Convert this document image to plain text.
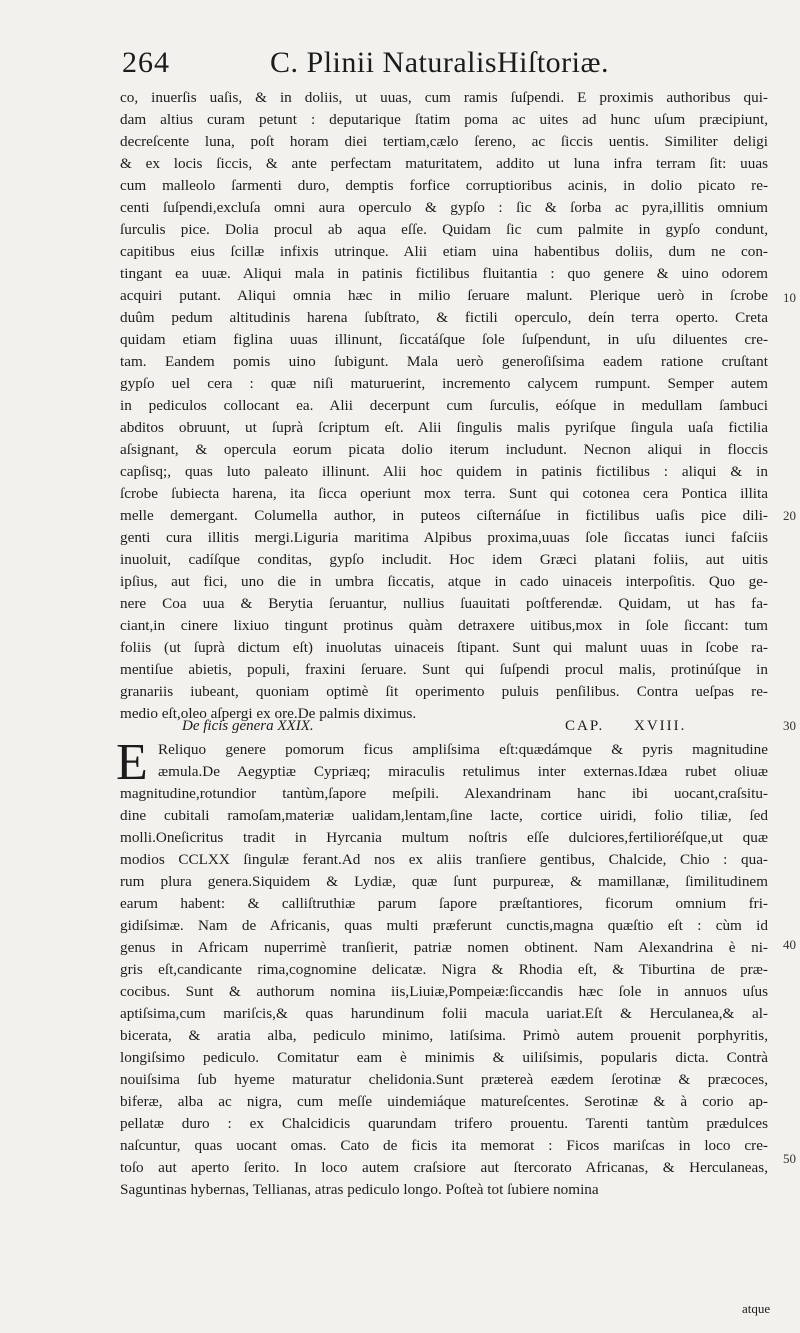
264	C. Plinii NaturalisHiſtoriæ.
co, inuerſis uaſis, & in doliis, ut uuas, cum ramis ſuſpendi. E proximis authoribus qui-
dam altius curam petunt : deputarique ſtatim poma ac uites ad hunc uſum præcipiunt,
decreſcente luna, poſt horam diei tertiam,cælo ſereno, ac ſiccis uentis. Similiter deligi
& ex locis ſiccis, & ante perfectam maturitatem, addito ut luna infra terram ſit: uuas
cum malleolo ſarmenti duro, demptis forfice corruptioribus acinis, in dolio picato re-
centi ſuſpendi,excluſa omni aura operculo & gypſo : ſic & ſorba ac pyra,illitis omnium
ſurculis pice. Dolia procul ab aqua eſſe. Quidam ſic cum palmite in gypſo condunt,
capitibus eius ſcillæ infixis utrinque. Alii etiam uina habentibus doliis, dum ne con-
tingant ea uuæ. Aliqui mala in patinis fictilibus fluitantia : quo genere & uino odorem
acquiri putant. Aliqui omnia hæc in milio ſeruare malunt. Plerique uerò in ſcrobe
duûm pedum altitudinis harena ſubſtrato, & fictili operculo, deín terra operto. Creta
quidam etiam figlina uuas illinunt, ſiccatáſque ſole ſuſpendunt, in uſu diluentes cre-
tam. Eandem pomis uino ſubigunt. Mala uerò generoſiſsima eadem ratione cruſtant
gypſo uel cera : quæ niſi maturuerint, incremento calycem rumpunt. Semper autem
in pediculos collocant ea. Alii decerpunt cum ſurculis, eóſque in medullam ſambuci
abditos obruunt, ut ſuprà ſcriptum eſt. Alii ſingulis malis pyriſque ſingula uaſa fictilia
aſsignant, & opercula eorum picata dolio iterum includunt. Necnon aliqui in floccis
capſisq;, quas luto paleato illinunt. Alii hoc quidem in patinis fictilibus : aliqui & in
ſcrobe ſubiecta harena, ita ſicca operiunt mox terra. Sunt qui cotonea cera Pontica illita
melle demergant. Columella author, in puteos ciſternáſue in fictilibus uaſis pice dili-
genti cura illitis mergi.Liguria maritima Alpibus proxima,uuas ſole ſiccatas iunci faſciis
inuoluit, cadíſque conditas, gypſo includit. Hoc idem Græci platani foliis, aut uitis
ipſius, aut fici, uno die in umbra ſiccatis, atque in cado uinaceis interpoſitis. Quo ge-
nere Coa uua & Berytia ſeruantur, nullius ſuauitati poſtferendæ. Quidam, ut has fa-
ciant,in cinere lixiuo tingunt protinus quàm detraxere uitibus,mox in ſole ſiccant: tum
foliis (ut ſuprà dictum eſt) inuolutas uinaceis ſtipant. Sunt qui malunt uuas in ſcobe ra-
mentiſue abietis, populi, fraxini ſeruare. Sunt qui ſuſpendi procul malis, protinúſque in
granariis iubeant, quoniam optimè ſit operimento puluis penſilibus. Contra ueſpas re-
medio eſt,oleo aſpergi ex ore.De palmis diximus.
De ficis genera XXIX.	CAP. XVIII.
E Reliquo genere pomorum ficus ampliſsima eſt:quædámque & pyris magnitudine
æmula.De Aegyptiæ Cypriæq; miraculis retulimus inter externas.Idæa rubet oliuæ
magnitudine,rotundior tantùm,ſapore meſpili. Alexandrinam hanc ibi uocant,craſsitu-
dine cubitali ramoſam,materiæ ualidam,lentam,ſine lacte, cortice uiridi, folio tiliæ, ſed
molli.Oneſicritus tradit in Hyrcania multum noſtris eſſe dulciores,fertilioréſque,ut quæ
modios CCLXX ſingulæ ferant.Ad nos ex aliis tranſiere gentibus, Chalcide, Chio : qua-
rum plura genera.Siquidem & Lydiæ, quæ ſunt purpureæ, & mamillanæ, ſimilitudinem
earum habent: & calliſtruthiæ parum ſapore præſtantiores, ficorum omnium fri-
gidiſsimæ. Nam de Africanis, quas multi præferunt cunctis,magna quæſtio eſt : cùm id
genus in Africam nuperrimè tranſierit, patriæ nomen obtinent. Nam Alexandrina è ni-
gris eſt,candicante rima,cognomine delicatæ. Nigra & Rhodia eſt, & Tiburtina de præ-
cocibus. Sunt & authorum nomina iis,Liuiæ,Pompeiæ:ſiccandis hæc ſole in annuos uſus
aptiſsima,cum mariſcis,& quas harundinum folii macula uariat.Eſt & Herculanea,& al-
bicerata, & aratia alba, pediculo minimo, latiſsima. Primò autem prouenit porphyritis,
longiſsimo pediculo. Comitatur eam è minimis & uiliſsimis, popularis dicta. Contrà
nouiſsima ſub hyeme maturatur chelidonia.Sunt prætereà eædem ſerotinæ & præcoces,
biferæ, alba ac nigra, cum meſſe uindemiáque matureſcentes. Serotinæ & à corio ap-
pellatæ duro : ex Chalcidicis quarundam trifero prouentu. Tarenti tantùm prædulces
naſcuntur, quas uocant omas. Cato de ficis ita memorat : Ficos mariſcas in loco cre-
toſo aut aperto ſerito. In loco autem craſsiore aut ſtercorato Africanas, & Herculaneas,
Saguntinas hybernas, Tellianas, atras pediculo longo. Poſteà tot ſubiere nomina
10
20
30
40
50
atque
